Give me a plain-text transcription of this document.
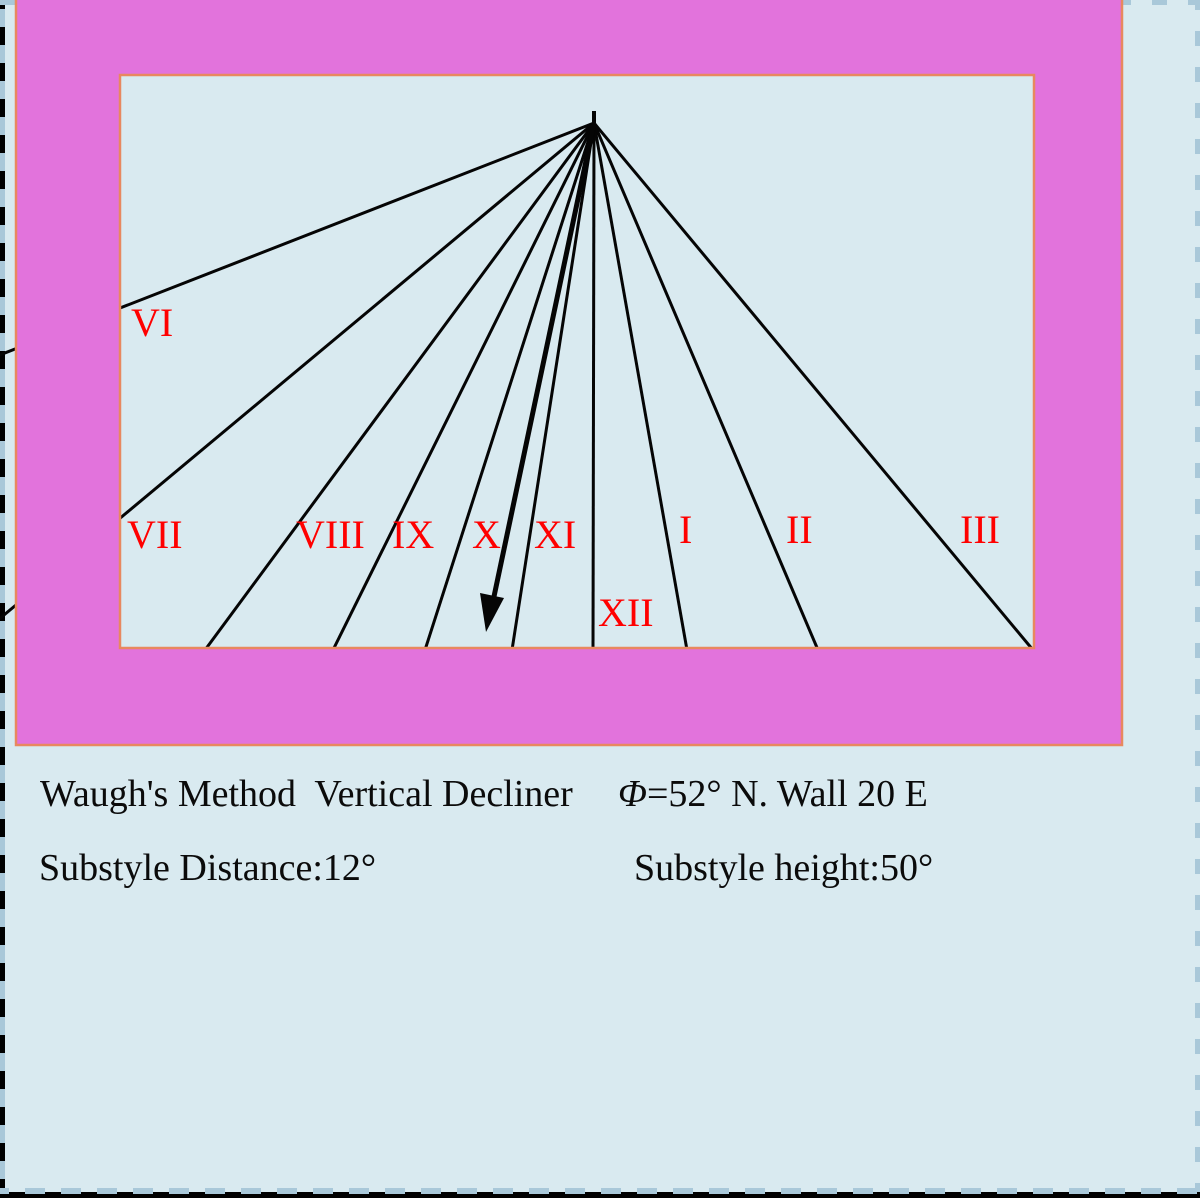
VI
VII	VIII IX X XI
XII
I II	III
Waugh's Method  Vertical Decliner Φ=52° N. Wall 20 E
Substyle Distance:12°	Substyle height:50°
